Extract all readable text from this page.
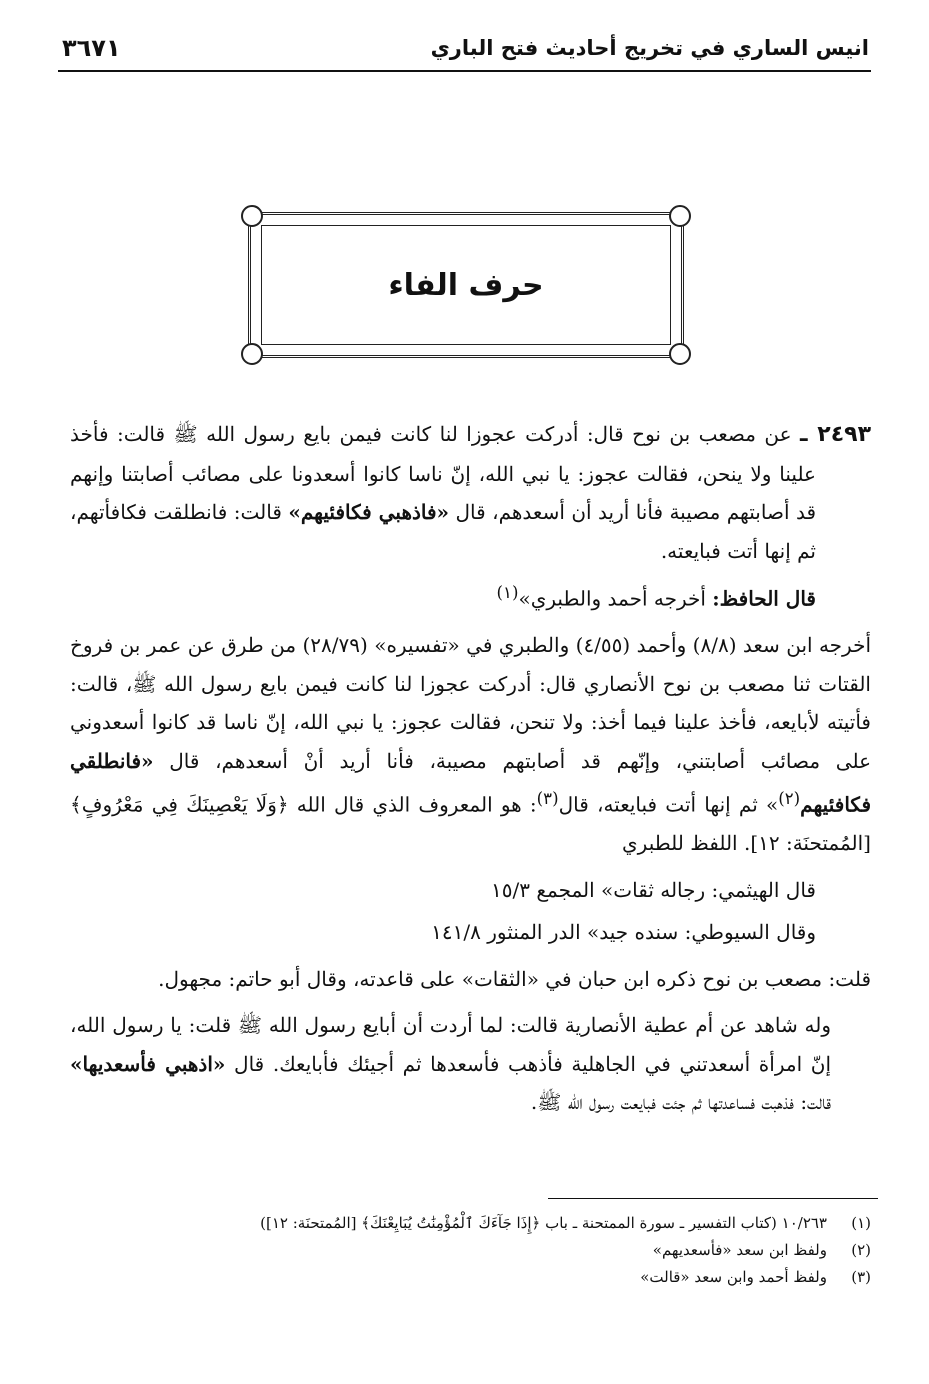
انيس الساري في تخريج أحاديث فتح الباري
٣٦٧١
حرف الفاء

٢٤٩٣ ـ عن مصعب بن نوح قال: أدركت عجوزا لنا كانت فيمن بايع رسول الله ﷺ قالت: فأخذ علينا ولا ينحن، فقالت عجوز: يا نبي الله، إنّ ناسا كانوا أسعدونا على مصائب أصابتنا وإنهم قد أصابتهم مصيبة فأنا أريد أن أسعدهم، قال «فاذهبي فكافئيهم» قالت: فانطلقت فكافأتهم، ثم إنها أتت فبايعته.

قال الحافظ: أخرجه أحمد والطبري»$^{(١)}$

أخرجه ابن سعد (٨/٨) وأحمد (٤/٥٥) والطبري في «تفسيره» (٢٨/٧٩) من طرق عن عمر بن فروخ القتات ثنا مصعب بن نوح الأنصاري قال: أدركت عجوزا لنا كانت فيمن بايع رسول الله ﷺ، قالت: فأتيته لأبايعه، فأخذ علينا فيما أخذ: ولا تنحن، فقالت عجوز: يا نبي الله، إنّ ناسا قد كانوا أسعدوني على مصائب أصابتني، وإنّهم قد أصابتهم مصيبة، فأنا أريد أنْ أسعدهم، قال «فانطلقي فكافئيهم$^{(٢)}$» ثم إنها أتت فبايعته، قال$^{(٣)}$: هو المعروف الذي قال الله ﴿وَلَا يَعْصِينَكَ فِي مَعْرُوفٍ﴾ [المُمتحنَة: ١٢]. اللفظ للطبري

قال الهيثمي: رجاله ثقات» المجمع ١٥/٣

وقال السيوطي: سنده جيد» الدر المنثور ١٤١/٨

قلت: مصعب بن نوح ذكره ابن حبان في «الثقات» على قاعدته، وقال أبو حاتم: مجهول.

وله شاهد عن أم عطية الأنصارية قالت: لما أردت أن أبايع رسول الله ﷺ قلت: يا رسول الله، إنّ امرأة أسعدتني في الجاهلية فأذهب فأسعدها ثم أجيئك فأبايعك. قال «اذهبي فأسعديها» قالت: فذهبت فساعدتها ثم جئت فبايعت رسول الله ﷺ.

(١)
١٠/٢٦٣ (كتاب التفسير ـ سورة الممتحنة ـ باب ﴿إِذَا جَآءَكَ ٱلْمُؤْمِنَٰتُ يُبَايِعْنَكَ﴾ [المُمتحنَة: ١٢])
(٢)
ولفظ ابن سعد «فأسعديهم»
(٣)
ولفظ أحمد وابن سعد «قالت»
